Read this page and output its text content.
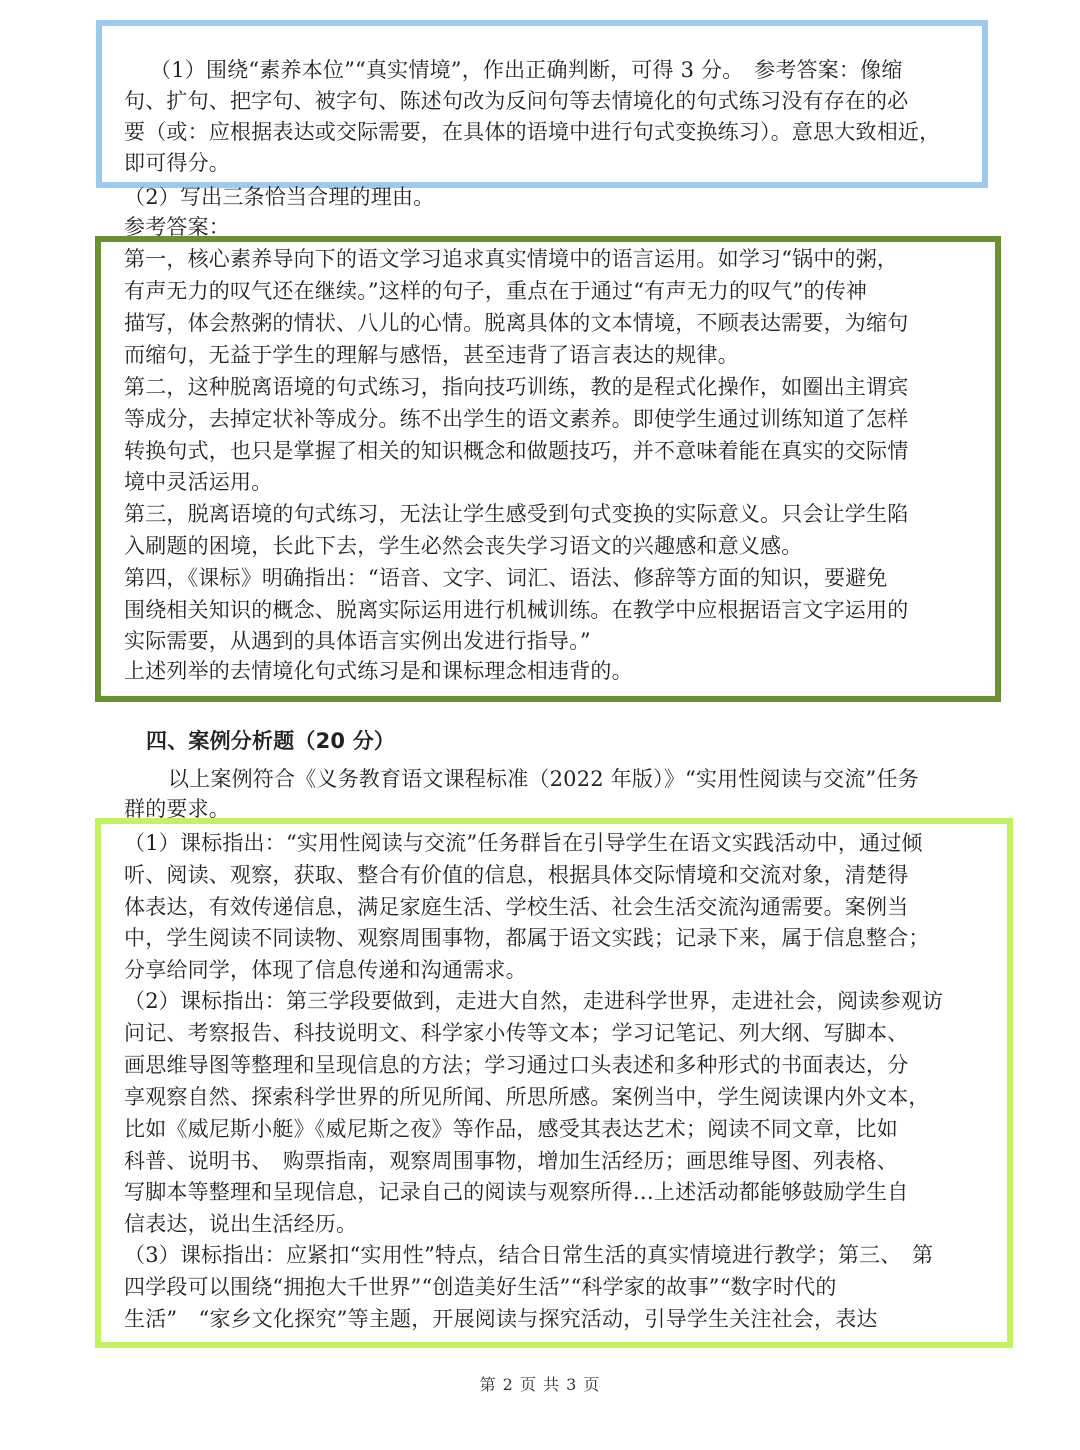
（1）围绕“素养本位”“真实情境”，作出正确判断，可得 3 分。　参考答案：像缩
句、扩句、把字句、被字句、陈述句改为反问句等去情境化的句式练习没有存在的必
要（或：应根据表达或交际需要，在具体的语境中进行句式变换练习）。意思大致相近，
即可得分。
（2）写出三条恰当合理的理由。
参考答案：
第一，核心素养导向下的语文学习追求真实情境中的语言运用。如学习“锅中的粥，
有声无力的叹气还在继续。”这样的句子，重点在于通过“有声无力的叹气”的传神
描写，体会熬粥的情状、八儿的心情。脱离具体的文本情境，不顾表达需要，为缩句
而缩句，无益于学生的理解与感悟，甚至违背了语言表达的规律。
第二，这种脱离语境的句式练习，指向技巧训练，教的是程式化操作，如圈出主谓宾
等成分，去掉定状补等成分。练不出学生的语文素养。即使学生通过训练知道了怎样
转换句式，也只是掌握了相关的知识概念和做题技巧，并不意味着能在真实的交际情
境中灵活运用。
第三，脱离语境的句式练习，无法让学生感受到句式变换的实际意义。只会让学生陷
入刷题的困境，长此下去，学生必然会丧失学习语文的兴趣感和意义感。
第四，《课标》明确指出：“语音、文字、词汇、语法、修辞等方面的知识，要避免
围绕相关知识的概念、脱离实际运用进行机械训练。在教学中应根据语言文字运用的
实际需要，从遇到的具体语言实例出发进行指导。”
上述列举的去情境化句式练习是和课标理念相违背的。
四、案例分析题（20 分）
以上案例符合《义务教育语文课程标准（2022 年版）》“实用性阅读与交流”任务
群的要求。
（1）课标指出：“实用性阅读与交流”任务群旨在引导学生在语文实践活动中，通过倾
听、阅读、观察，获取、整合有价值的信息，根据具体交际情境和交流对象，清楚得
体表达，有效传递信息，满足家庭生活、学校生活、社会生活交流沟通需要。案例当
中，学生阅读不同读物、观察周围事物，都属于语文实践；记录下来，属于信息整合；
分享给同学，体现了信息传递和沟通需求。
（2）课标指出：第三学段要做到，走进大自然，走进科学世界，走进社会，阅读参观访
问记、考察报告、科技说明文、科学家小传等文本；学习记笔记、列大纲、写脚本、
画思维导图等整理和呈现信息的方法；学习通过口头表述和多种形式的书面表达，分
享观察自然、探索科学世界的所见所闻、所思所感。案例当中，学生阅读课内外文本，
比如《威尼斯小艇》《威尼斯之夜》等作品，感受其表达艺术；阅读不同文章，比如
科普、说明书、　购票指南，观察周围事物，增加生活经历；画思维导图、列表格、
写脚本等整理和呈现信息，记录自己的阅读与观察所得…上述活动都能够鼓励学生自
信表达，说出生活经历。
（3）课标指出：应紧扣“实用性”特点，结合日常生活的真实情境进行教学；第三、　第
四学段可以围绕“拥抱大千世界”“创造美好生活”“科学家的故事”“数字时代的
生活”　“家乡文化探究”等主题，开展阅读与探究活动，引导学生关注社会，表达
第 2 页 共 3 页
